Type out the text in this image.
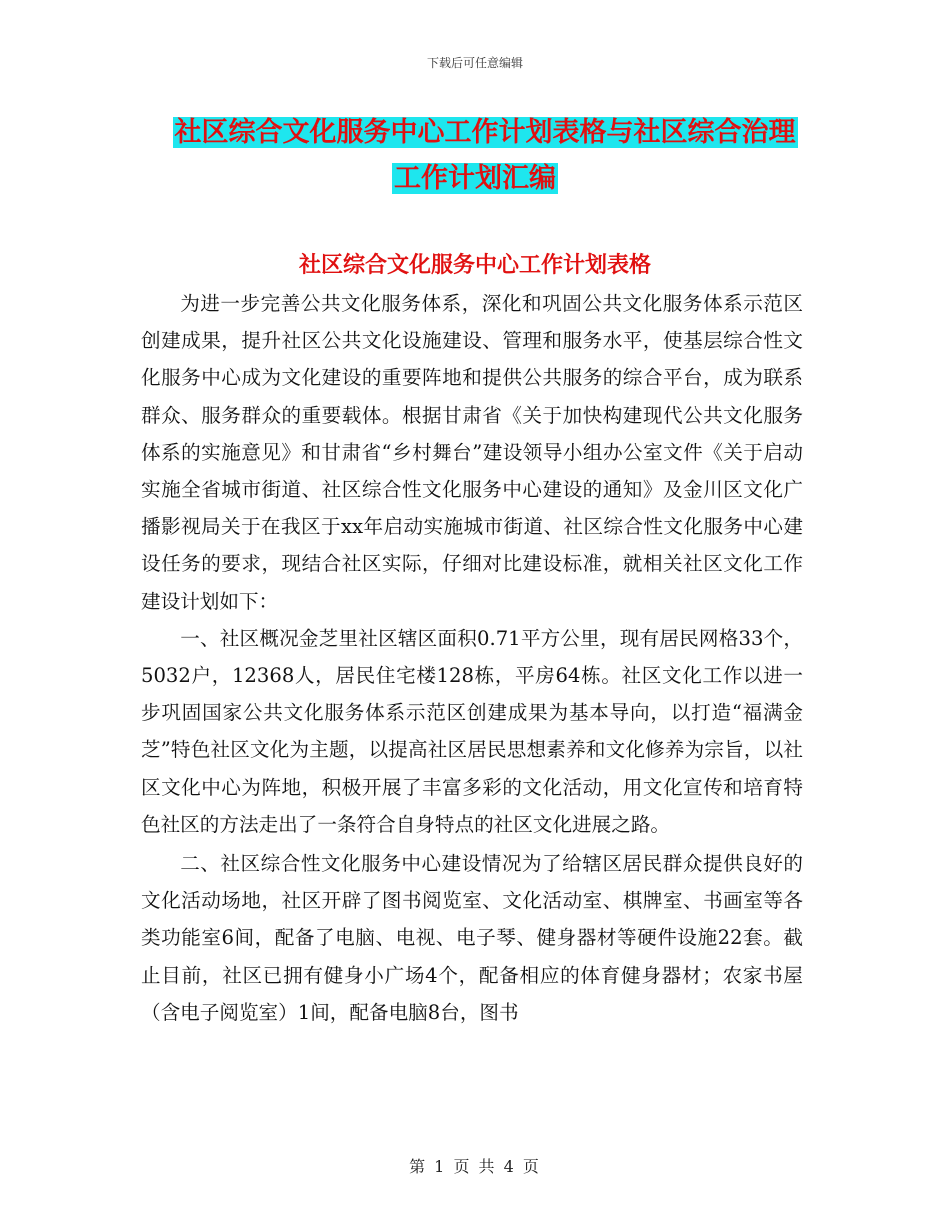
下载后可任意编辑
社区综合文化服务中心工作计划表格与社区综合治理
工作计划汇编
社区综合文化服务中心工作计划表格

为进一步完善公共文化服务体系，深化和巩固公共文化服务体系示范区创建成果，提升社区公共文化设施建设、管理和服务水平，使基层综合性文化服务中心成为文化建设的重要阵地和提供公共服务的综合平台，成为联系群众、服务群众的重要载体。根据甘肃省《关于加快构建现代公共文化服务体系的实施意见》和甘肃省“乡村舞台”建设领导小组办公室文件《关于启动实施全省城市街道、社区综合性文化服务中心建设的通知》及金川区文化广播影视局关于在我区于xx年启动实施城市街道、社区综合性文化服务中心建设任务的要求，现结合社区实际，仔细对比建设标准，就相关社区文化工作建设计划如下：

一、社区概况金芝里社区辖区面积0.71平方公里，现有居民网格33个，5032户，12368人，居民住宅楼128栋，平房64栋。社区文化工作以进一步巩固国家公共文化服务体系示范区创建成果为基本导向，以打造“福满金芝”特色社区文化为主题，以提高社区居民思想素养和文化修养为宗旨，以社区文化中心为阵地，积极开展了丰富多彩的文化活动，用文化宣传和培育特色社区的方法走出了一条符合自身特点的社区文化进展之路。

二、社区综合性文化服务中心建设情况为了给辖区居民群众提供良好的文化活动场地，社区开辟了图书阅览室、文化活动室、棋牌室、书画室等各类功能室6间，配备了电脑、电视、电子琴、健身器材等硬件设施22套。截止目前，社区已拥有健身小广场4个，配备相应的体育健身器材；农家书屋（含电子阅览室）1间，配备电脑8台，图书

第 1 页 共 4 页
